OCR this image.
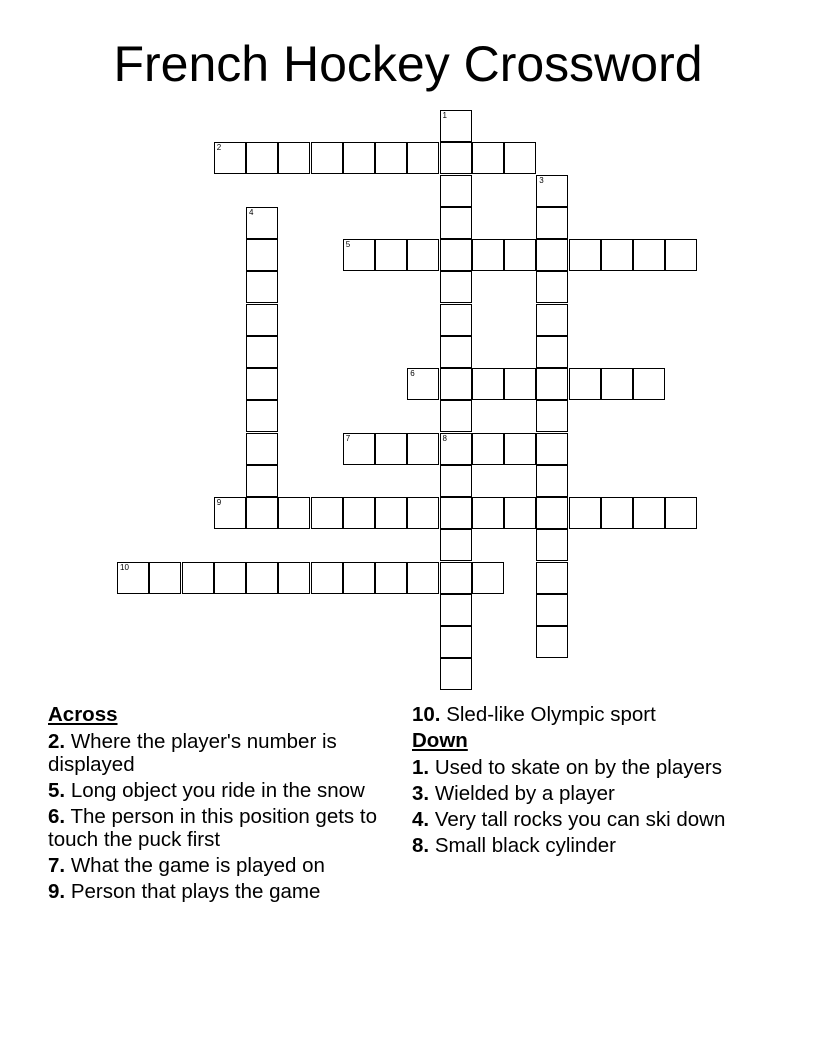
French Hockey Crossword
1
8
2
3
4
5
6
7
9
10
Across
2. Where the player's number is displayed
5. Long object you ride in the snow
6. The person in this position gets to touch the puck first
7. What the game is played on
9. Person that plays the game
10. Sled-like Olympic sport
Down
1. Used to skate on by the players
3. Wielded by a player
4. Very tall rocks you can ski down
8. Small black cylinder
